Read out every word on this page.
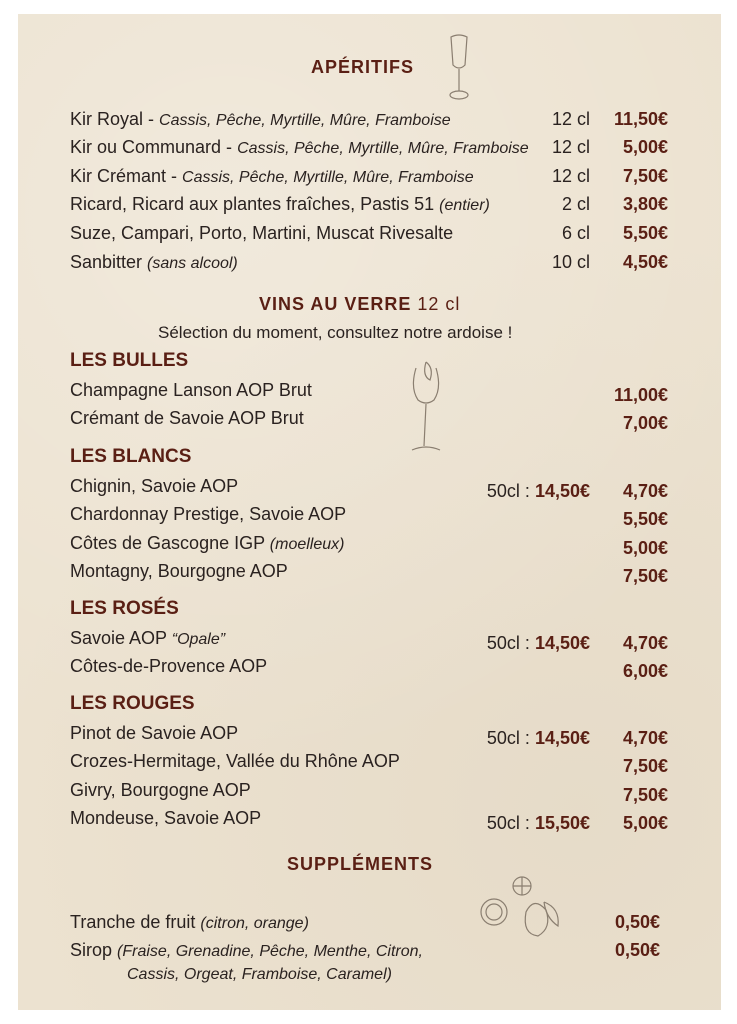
APÉRITIFS
Kir Royal - Cassis, Pêche, Myrtille, Mûre, Framboise	12 cl 11,50€
Kir ou Communard - Cassis, Pêche, Myrtille, Mûre, Framboise 12 cl 5,00€
Kir Crémant - Cassis, Pêche, Myrtille, Mûre, Framboise	12 cl 7,50€
Ricard, Ricard aux plantes fraîches, Pastis 51 (entier)	2 cl 3,80€
Suze, Campari, Porto, Martini, Muscat Rivesalte	6 cl 5,50€
Sanbitter (sans alcool)	10 cl 4,50€
VINS AU VERRE 12 cl
Sélection du moment, consultez notre ardoise !
LES BULLES
Champagne Lanson AOP Brut	11,00€
Crémant de Savoie AOP Brut	7,00€
LES BLANCS
Chignin, Savoie AOP	50cl : 14,50€ 4,70€
Chardonnay Prestige, Savoie AOP	5,50€
Côtes de Gascogne IGP (moelleux)	5,00€
Montagny, Bourgogne AOP	7,50€
LES ROSÉS
Savoie AOP “Opale”	50cl : 14,50€ 4,70€
Côtes-de-Provence AOP	6,00€
LES ROUGES
Pinot de Savoie AOP	50cl : 14,50€ 4,70€
Crozes-Hermitage, Vallée du Rhône AOP	7,50€
Givry, Bourgogne AOP	7,50€
Mondeuse, Savoie AOP	50cl : 15,50€ 5,00€
SUPPLÉMENTS
Tranche de fruit (citron, orange)	0,50€
Sirop (Fraise, Grenadine, Pêche, Menthe, Citron,
Cassis, Orgeat, Framboise, Caramel)
0,50€
